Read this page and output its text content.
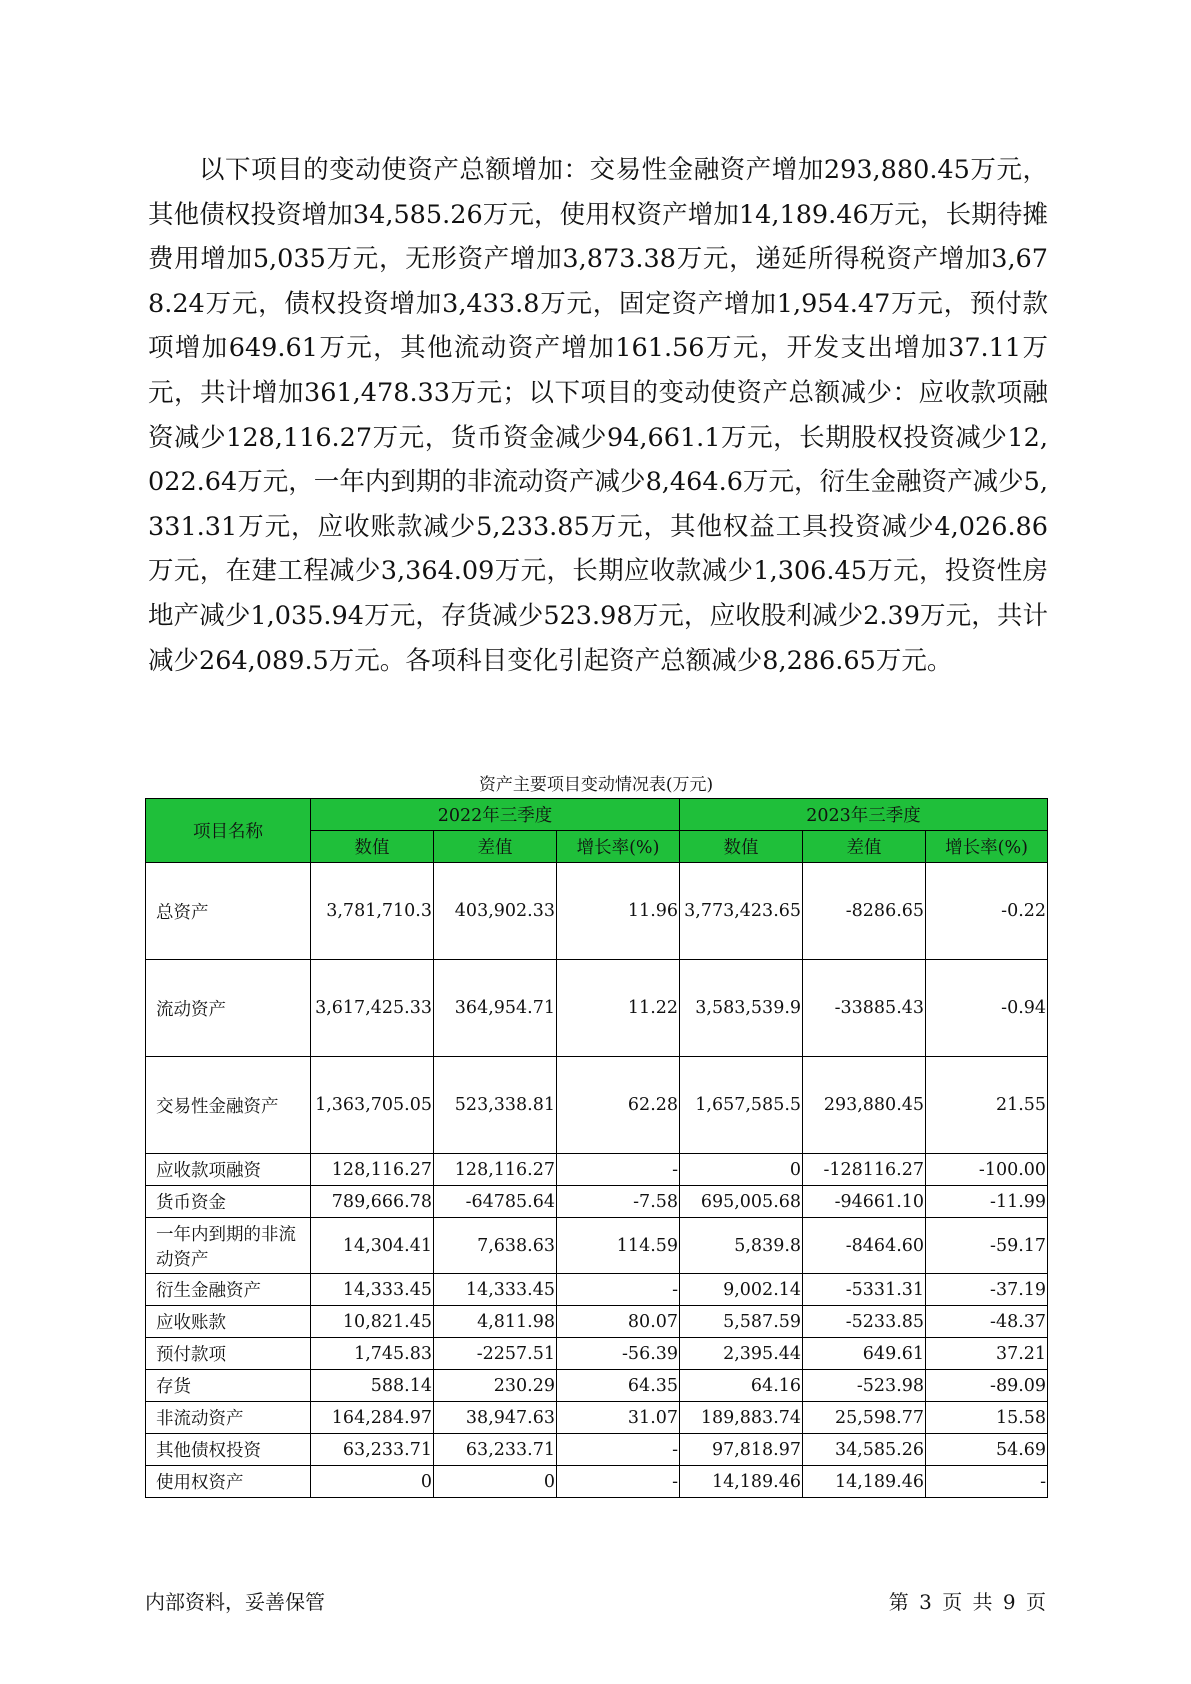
以下项目的变动使资产总额增加：交易性金融资产增加293,880.45万元，其他债权投资增加34,585.26万元，使用权资产增加14,189.46万元，长期待摊费用增加5,035万元，无形资产增加3,873.38万元，递延所得税资产增加3,678.24万元，债权投资增加3,433.8万元，固定资产增加1,954.47万元，预付款项增加649.61万元，其他流动资产增加161.56万元，开发支出增加37.11万元，共计增加361,478.33万元；以下项目的变动使资产总额减少：应收款项融资减少128,116.27万元，货币资金减少94,661.1万元，长期股权投资减少12,022.64万元，一年内到期的非流动资产减少8,464.6万元，衍生金融资产减少5,331.31万元，应收账款减少5,233.85万元，其他权益工具投资减少4,026.86万元，在建工程减少3,364.09万元，长期应收款减少1,306.45万元，投资性房地产减少1,035.94万元，存货减少523.98万元，应收股利减少2.39万元，共计减少264,089.5万元。各项科目变化引起资产总额减少8,286.65万元。

资产主要项目变动情况表(万元)
项目名称	2022年三季度			2023年三季度		
	数值	差值	增长率(%)	数值	差值	增长率(%)
总资产	3,781,710.3	403,902.33	11.96	3,773,423.65	-8286.65	-0.22
流动资产	3,617,425.33	364,954.71	11.22	3,583,539.9	-33885.43	-0.94
交易性金融资产	1,363,705.05	523,338.81	62.28	1,657,585.5	293,880.45	21.55
应收款项融资	128,116.27	128,116.27	-	0	-128116.27	-100.00
货币资金	789,666.78	-64785.64	-7.58	695,005.68	-94661.10	-11.99
一年内到期的非流动资产	14,304.41	7,638.63	114.59	5,839.8	-8464.60	-59.17
衍生金融资产	14,333.45	14,333.45	-	9,002.14	-5331.31	-37.19
应收账款	10,821.45	4,811.98	80.07	5,587.59	-5233.85	-48.37
预付款项	1,745.83	-2257.51	-56.39	2,395.44	649.61	37.21
存货	588.14	230.29	64.35	64.16	-523.98	-89.09
非流动资产	164,284.97	38,947.63	31.07	189,883.74	25,598.77	15.58
其他债权投资	63,233.71	63,233.71	-	97,818.97	34,585.26	54.69
使用权资产	0	0	-	14,189.46	14,189.46	-
内部资料，妥善保管	第 3 页 共 9 页
